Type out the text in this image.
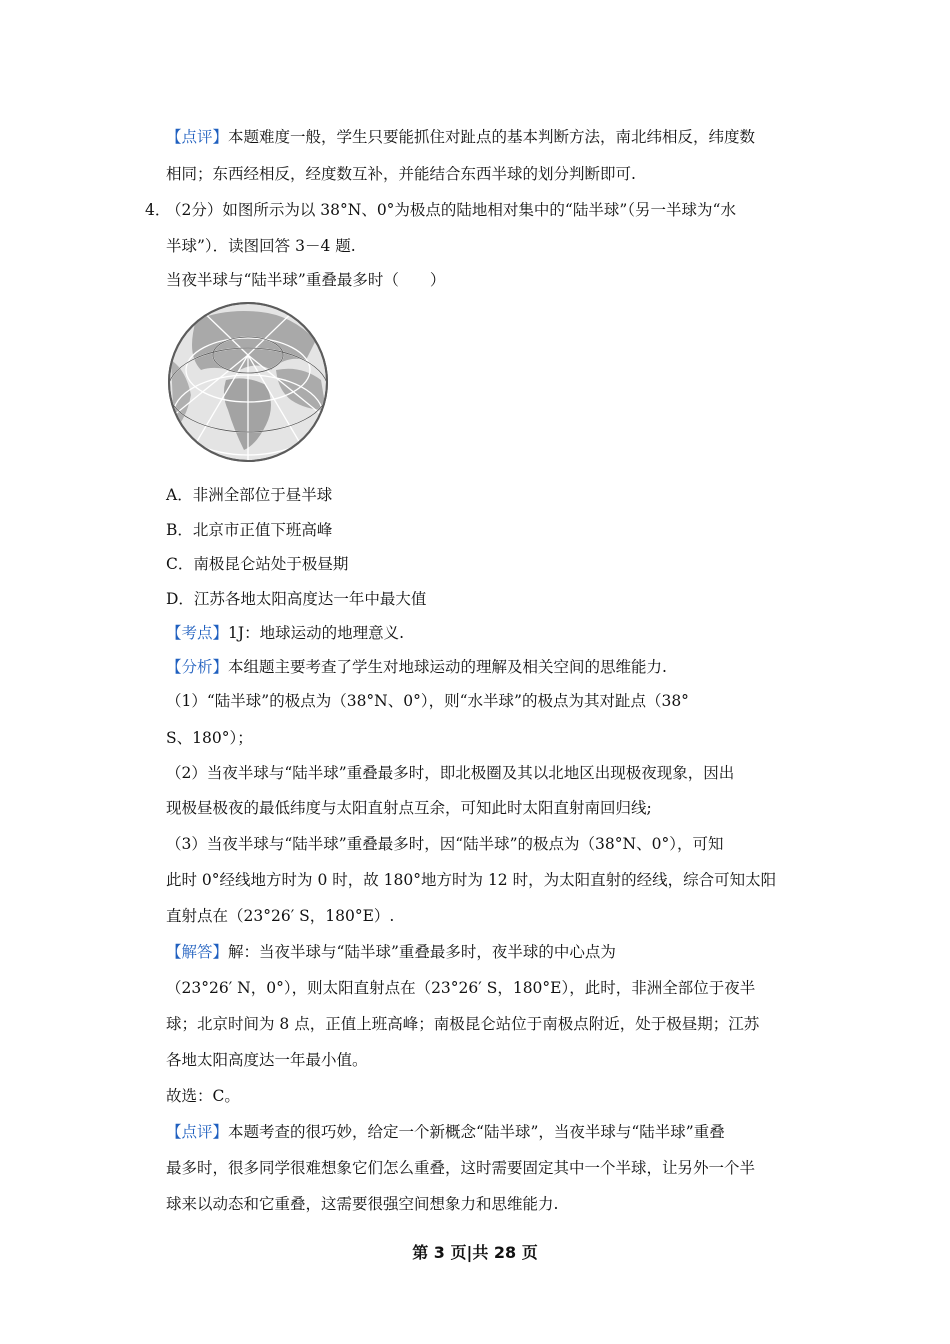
【点评】本题难度一般，学生只要能抓住对趾点的基本判断方法，南北纬相反，纬度数
相同；东西经相反，经度数互补，并能结合东西半球的划分判断即可.
4．
（2分）如图所示为以 38°N、0°为极点的陆地相对集中的“陆半球”（另一半球为“水
半球”）．读图回答 3－4 题.
当夜半球与“陆半球”重叠最多时（　　）
A．非洲全部位于昼半球
B．北京市正值下班高峰
C．南极昆仑站处于极昼期
D．江苏各地太阳高度达一年中最大值
【考点】1J：地球运动的地理意义.
【分析】本组题主要考查了学生对地球运动的理解及相关空间的思维能力.
（1）“陆半球”的极点为（38°N、0°），则“水半球”的极点为其对趾点（38°
S、180°）；
（2）当夜半球与“陆半球”重叠最多时，即北极圈及其以北地区出现极夜现象，因出
现极昼极夜的最低纬度与太阳直射点互余，可知此时太阳直射南回归线;
（3）当夜半球与“陆半球”重叠最多时，因“陆半球”的极点为（38°N、0°），可知
此时 0°经线地方时为 0 时，故 180°地方时为 12 时，为太阳直射的经线，综合可知太阳
直射点在（23°26′ S，180°E）.
【解答】解：当夜半球与“陆半球”重叠最多时，夜半球的中心点为
（23°26′ N，0°），则太阳直射点在（23°26′ S，180°E），此时，非洲全部位于夜半
球；北京时间为 8 点，正值上班高峰；南极昆仑站位于南极点附近，处于极昼期；江苏
各地太阳高度达一年最小值。
故选：C。
【点评】本题考查的很巧妙，给定一个新概念“陆半球”，当夜半球与“陆半球”重叠
最多时，很多同学很难想象它们怎么重叠，这时需要固定其中一个半球，让另外一个半
球来以动态和它重叠，这需要很强空间想象力和思维能力.
第 3 页|共 28 页
